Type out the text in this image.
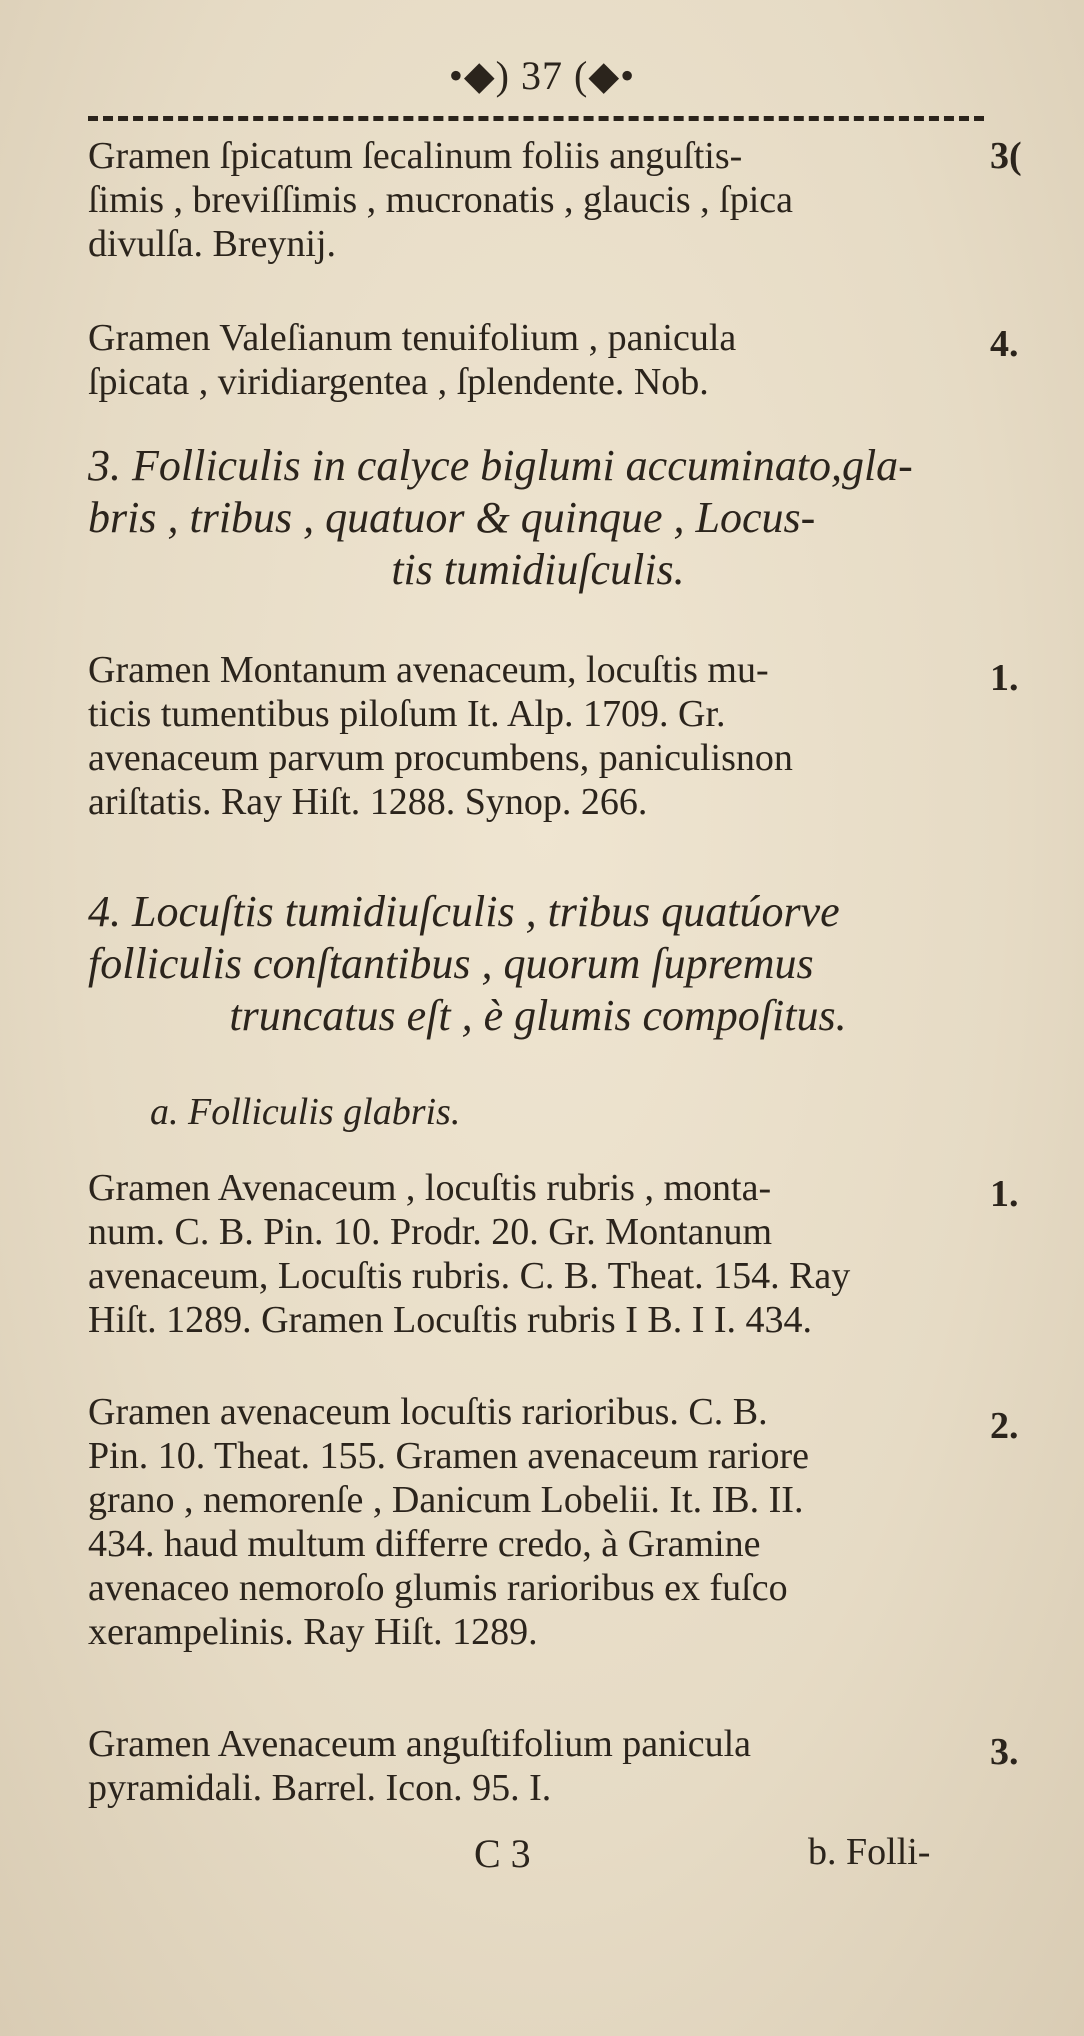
•◆) 37 (◆•
Gramen ſpicatum ſecalinum foliis anguſtis-
ſimis , breviſſimis , mucronatis , glaucis , ſpica
divulſa. Breynij.
3(
Gramen Valeſianum tenuifolium , panicula
ſpicata , viridiargentea , ſplendente. Nob.
4.
3. Folliculis in calyce biglumi accuminato,gla-
bris , tribus , quatuor & quinque , Locus-
tis tumidiuſculis.
Gramen Montanum avenaceum, locuſtis mu-
ticis tumentibus piloſum It. Alp. 1709. Gr.
avenaceum parvum procumbens, paniculisnon
ariſtatis. Ray Hiſt. 1288. Synop. 266.
1.
4. Locuſtis tumidiuſculis , tribus quatúorve
folliculis conſtantibus , quorum ſupremus
truncatus eſt , è glumis compoſitus.
a. Folliculis glabris.
Gramen Avenaceum , locuſtis rubris , monta-
num. C. B. Pin. 10. Prodr. 20. Gr. Montanum
avenaceum, Locuſtis rubris. C. B. Theat. 154. Ray
Hiſt. 1289. Gramen Locuſtis rubris I B. I I. 434.
1.
Gramen avenaceum locuſtis rarioribus. C. B.
Pin. 10. Theat. 155. Gramen avenaceum rariore
grano , nemorenſe , Danicum Lobelii. It. IB. II.
434. haud multum differre credo, à Gramine
avenaceo nemoroſo glumis rarioribus ex fuſco
xerampelinis. Ray Hiſt. 1289.
2.
Gramen Avenaceum anguſtifolium panicula
pyramidali. Barrel. Icon. 95. I.
3.
C 3	b. Folli-
